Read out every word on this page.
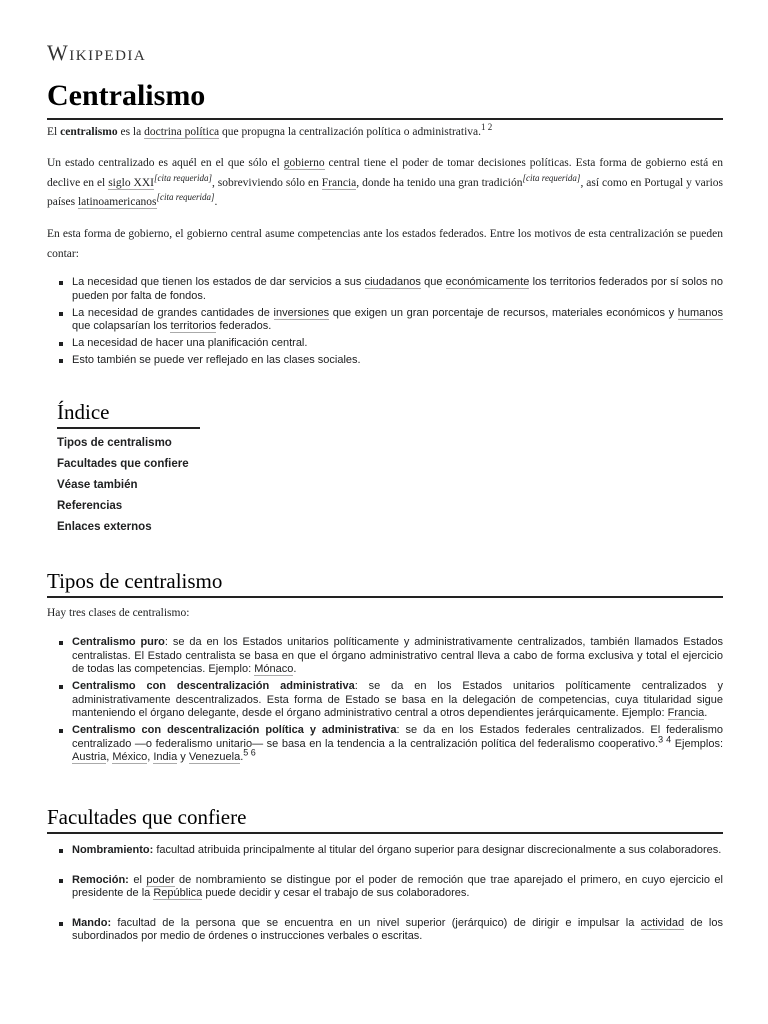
Wikipedia
Centralismo

El centralismo es la doctrina política que propugna la centralización política o administrativa.$^{1 2}$

Un estado centralizado es aquél en el que sólo el gobierno central tiene el poder de tomar decisiones políticas. Esta forma de gobierno está en declive en el siglo XXI[cita requerida], sobreviviendo sólo en Francia, donde ha tenido una gran tradición[cita requerida], así como en Portugal y varios países latinoamericanos[cita requerida].

En esta forma de gobierno, el gobierno central asume competencias ante los estados federados. Entre los motivos de esta centralización se pueden contar:

La necesidad que tienen los estados de dar servicios a sus ciudadanos que económicamente los territorios federados por sí solos no pueden por falta de fondos.
La necesidad de grandes cantidades de inversiones que exigen un gran porcentaje de recursos, materiales económicos y humanos que colapsarían los territorios federados.
La necesidad de hacer una planificación central.
Esto también se puede ver reflejado en las clases sociales.
Índice
Tipos de centralismo
Facultades que confiere
Véase también
Referencias
Enlaces externos
Tipos de centralismo

Hay tres clases de centralismo:

Centralismo puro: se da en los Estados unitarios políticamente y administrativamente centralizados, también llamados Estados centralistas. El Estado centralista se basa en que el órgano administrativo central lleva a cabo de forma exclusiva y total el ejercicio de todas las competencias. Ejemplo: Mónaco.
Centralismo con descentralización administrativa: se da en los Estados unitarios políticamente centralizados y administrativamente descentralizados. Esta forma de Estado se basa en la delegación de competencias, cuya titularidad sigue manteniendo el órgano delegante, desde el órgano administrativo central a otros dependientes jerárquicamente. Ejemplo: Francia.
Centralismo con descentralización política y administrativa: se da en los Estados federales centralizados. El federalismo centralizado —o federalismo unitario— se basa en la tendencia a la centralización política del federalismo cooperativo.$^{3 4}$ Ejemplos: Austria, México, India y Venezuela.$^{5 6}$
Facultades que confiere
Nombramiento: facultad atribuida principalmente al titular del órgano superior para designar discrecionalmente a sus colaboradores.
Remoción: el poder de nombramiento se distingue por el poder de remoción que trae aparejado el primero, en cuyo ejercicio el presidente de la República puede decidir y cesar el trabajo de sus colaboradores.
Mando: facultad de la persona que se encuentra en un nivel superior (jerárquico) de dirigir e impulsar la actividad de los subordinados por medio de órdenes o instrucciones verbales o escritas.
